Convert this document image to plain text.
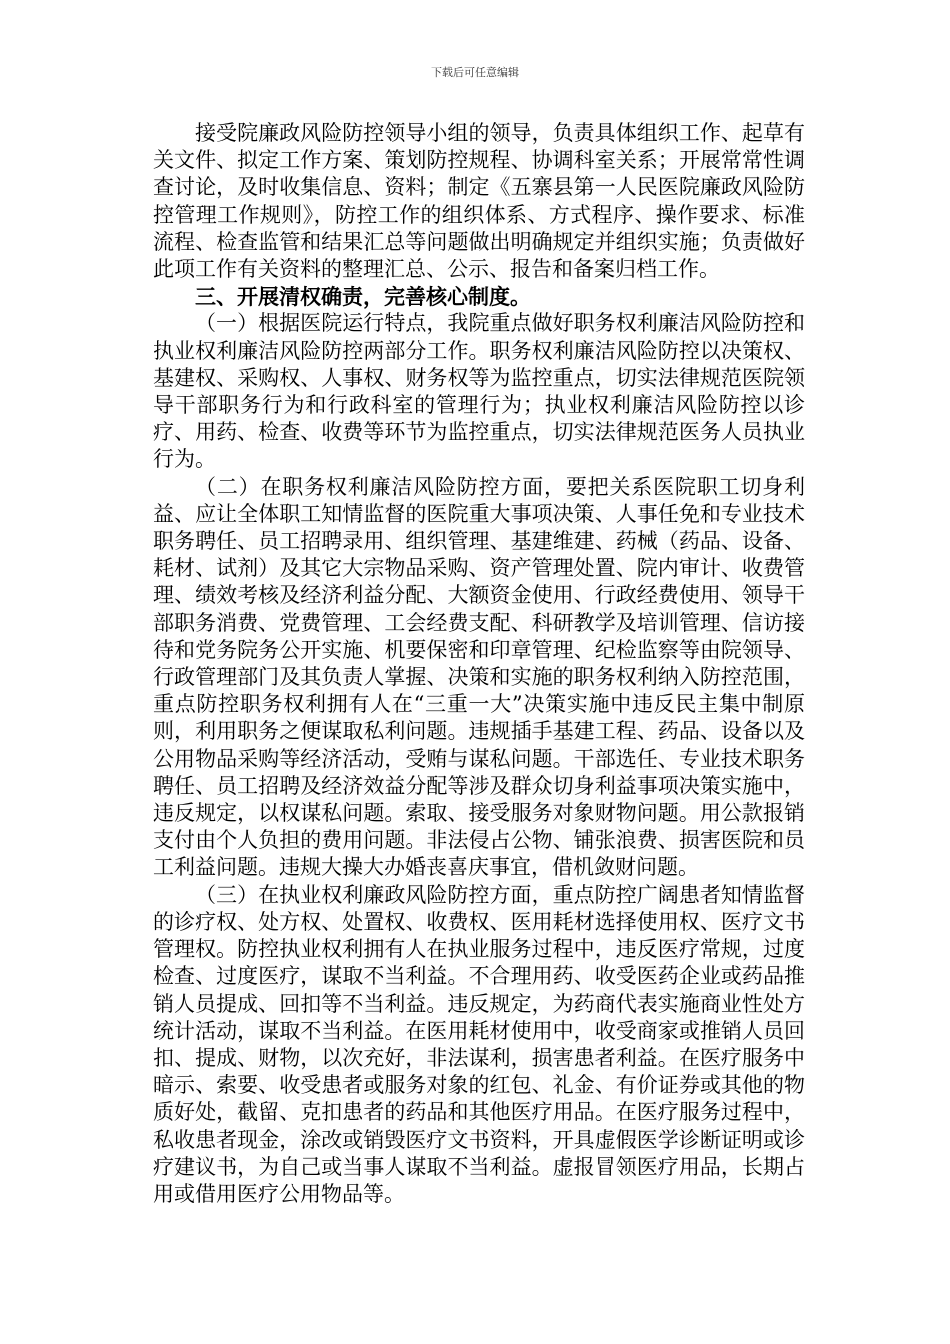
下载后可任意编辑

接受院廉政风险防控领导小组的领导，负责具体组织工作、起草有关文件、拟定工作方案、策划防控规程、协调科室关系；开展常常性调查讨论，及时收集信息、资料；制定《五寨县第一人民医院廉政风险防控管理工作规则》，防控工作的组织体系、方式程序、操作要求、标准流程、检查监管和结果汇总等问题做出明确规定并组织实施；负责做好此项工作有关资料的整理汇总、公示、报告和备案归档工作。

三、开展清权确责，完善核心制度。

（一）根据医院运行特点，我院重点做好职务权利廉洁风险防控和执业权利廉洁风险防控两部分工作。职务权利廉洁风险防控以决策权、基建权、采购权、人事权、财务权等为监控重点，切实法律规范医院领导干部职务行为和行政科室的管理行为；执业权利廉洁风险防控以诊疗、用药、检查、收费等环节为监控重点，切实法律规范医务人员执业行为。

（二）在职务权利廉洁风险防控方面，要把关系医院职工切身利益、应让全体职工知情监督的医院重大事项决策、人事任免和专业技术职务聘任、员工招聘录用、组织管理、基建维建、药械（药品、设备、耗材、试剂）及其它大宗物品采购、资产管理处置、院内审计、收费管理、绩效考核及经济利益分配、大额资金使用、行政经费使用、领导干部职务消费、党费管理、工会经费支配、科研教学及培训管理、信访接待和党务院务公开实施、机要保密和印章管理、纪检监察等由院领导、行政管理部门及其负责人掌握、决策和实施的职务权利纳入防控范围，重点防控职务权利拥有人在“三重一大”决策实施中违反民主集中制原则，利用职务之便谋取私利问题。违规插手基建工程、药品、设备以及公用物品采购等经济活动，受贿与谋私问题。干部选任、专业技术职务聘任、员工招聘及经济效益分配等涉及群众切身利益事项决策实施中，违反规定，以权谋私问题。索取、接受服务对象财物问题。用公款报销支付由个人负担的费用问题。非法侵占公物、铺张浪费、损害医院和员工利益问题。违规大操大办婚丧喜庆事宜，借机敛财问题。

（三）在执业权利廉政风险防控方面，重点防控广阔患者知情监督的诊疗权、处方权、处置权、收费权、医用耗材选择使用权、医疗文书管理权。防控执业权利拥有人在执业服务过程中，违反医疗常规，过度检查、过度医疗，谋取不当利益。不合理用药、收受医药企业或药品推销人员提成、回扣等不当利益。违反规定，为药商代表实施商业性处方统计活动，谋取不当利益。在医用耗材使用中，收受商家或推销人员回扣、提成、财物，以次充好，非法谋利，损害患者利益。在医疗服务中暗示、索要、收受患者或服务对象的红包、礼金、有价证券或其他的物质好处，截留、克扣患者的药品和其他医疗用品。在医疗服务过程中，私收患者现金，涂改或销毁医疗文书资料，开具虚假医学诊断证明或诊疗建议书，为自己或当事人谋取不当利益。虚报冒领医疗用品，长期占用或借用医疗公用物品等。
